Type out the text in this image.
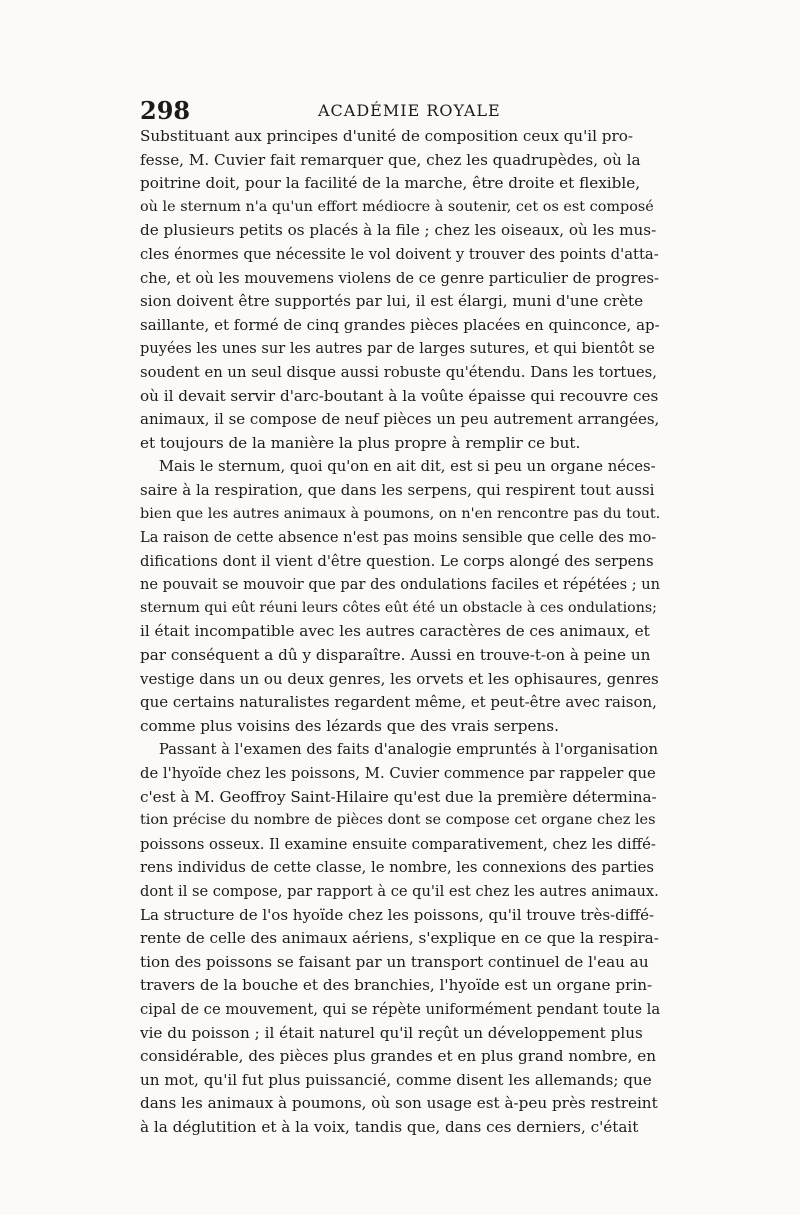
298	ACADÉMIE ROYALE
Substituant aux principes d'unité de composition ceux qu'il pro-
fesse, M. Cuvier fait remarquer que, chez les quadrupèdes, où la
poitrine doit, pour la facilité de la marche, être droite et flexible,
où le sternum n'a qu'un effort médiocre à soutenir, cet os est composé
de plusieurs petits os placés à la file ; chez les oiseaux, où les mus-
cles énormes que nécessite le vol doivent y trouver des points d'atta-
che, et où les mouvemens violens de ce genre particulier de progres-
sion doivent être supportés par lui, il est élargi, muni d'une crète
saillante, et formé de cinq grandes pièces placées en quinconce, ap-
puyées les unes sur les autres par de larges sutures, et qui bientôt se
soudent en un seul disque aussi robuste qu'étendu. Dans les tortues,
où il devait servir d'arc-boutant à la voûte épaisse qui recouvre ces
animaux, il se compose de neuf pièces un peu autrement arrangées,
et toujours de la manière la plus propre à remplir ce but.
Mais le sternum, quoi qu'on en ait dit, est si peu un organe néces-
saire à la respiration, que dans les serpens, qui respirent tout aussi
bien que les autres animaux à poumons, on n'en rencontre pas du tout.
La raison de cette absence n'est pas moins sensible que celle des mo-
difications dont il vient d'être question. Le corps alongé des serpens
ne pouvait se mouvoir que par des ondulations faciles et répétées ; un
sternum qui eût réuni leurs côtes eût été un obstacle à ces ondulations;
il était incompatible avec les autres caractères de ces animaux, et
par conséquent a dû y disparaître. Aussi en trouve-t-on à peine un
vestige dans un ou deux genres, les orvets et les ophisaures, genres
que certains naturalistes regardent même, et peut-être avec raison,
comme plus voisins des lézards que des vrais serpens.
Passant à l'examen des faits d'analogie empruntés à l'organisation
de l'hyoïde chez les poissons, M. Cuvier commence par rappeler que
c'est à M. Geoffroy Saint-Hilaire qu'est due la première détermina-
tion précise du nombre de pièces dont se compose cet organe chez les
poissons osseux. Il examine ensuite comparativement, chez les diffé-
rens individus de cette classe, le nombre, les connexions des parties
dont il se compose, par rapport à ce qu'il est chez les autres animaux.
La structure de l'os hyoïde chez les poissons, qu'il trouve très-diffé-
rente de celle des animaux aériens, s'explique en ce que la respira-
tion des poissons se faisant par un transport continuel de l'eau au
travers de la bouche et des branchies, l'hyoïde est un organe prin-
cipal de ce mouvement, qui se répète uniformément pendant toute la
vie du poisson ; il était naturel qu'il reçût un développement plus
considérable, des pièces plus grandes et en plus grand nombre, en
un mot, qu'il fut plus puissancié, comme disent les allemands; que
dans les animaux à poumons, où son usage est à-peu près restreint
à la déglutition et à la voix, tandis que, dans ces derniers, c'était
